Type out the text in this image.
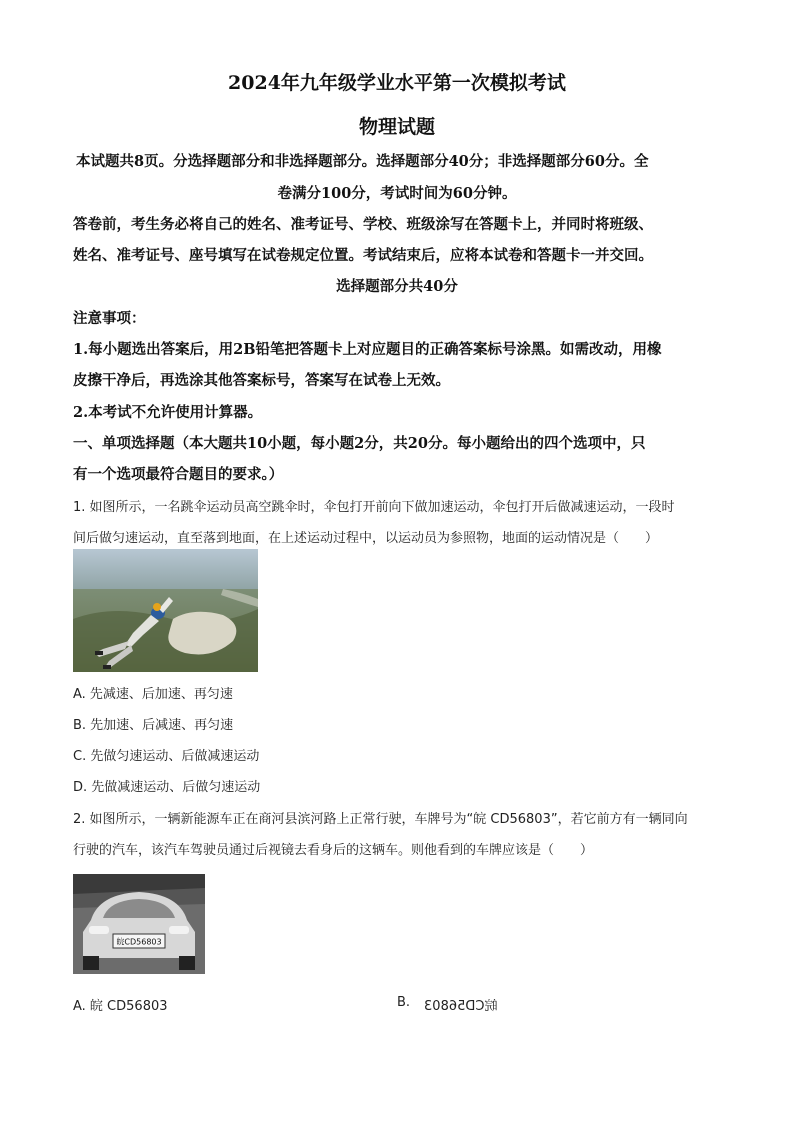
2024年九年级学业水平第一次模拟考试
物理试题
本试题共8页。分选择题部分和非选择题部分。选择题部分40分；非选择题部分60分。全
卷满分100分，考试时间为60分钟。
答卷前，考生务必将自己的姓名、准考证号、学校、班级涂写在答题卡上，并同时将班级、
姓名、准考证号、座号填写在试卷规定位置。考试结束后，应将本试卷和答题卡一并交回。
选择题部分共40分
注意事项：
1.每小题选出答案后，用2B铅笔把答题卡上对应题目的正确答案标号涂黑。如需改动，用橡
皮擦干净后，再选涂其他答案标号，答案写在试卷上无效。
2.本考试不允许使用计算器。
一、单项选择题（本大题共10小题，每小题2分，共20分。每小题给出的四个选项中，只
有一个选项最符合题目的要求。）
1. 如图所示，一名跳伞运动员高空跳伞时，伞包打开前向下做加速运动，伞包打开后做减速运动，一段时
间后做匀速运动，直至落到地面，在上述运动过程中，以运动员为参照物，地面的运动情况是（　　）
A. 先减速、后加速、再匀速
B. 先加速、后减速、再匀速
C. 先做匀速运动、后做减速运动
D. 先做减速运动、后做匀速运动
2. 如图所示，一辆新能源车正在商河县滨河路上正常行驶，车牌号为“皖 CD56803”，若它前方有一辆同向
行驶的汽车，该汽车驾驶员通过后视镜去看身后的这辆车。则他看到的车牌应该是（　　）
皖CD56803
A. 皖 CD56803	B. 皖CD56803
